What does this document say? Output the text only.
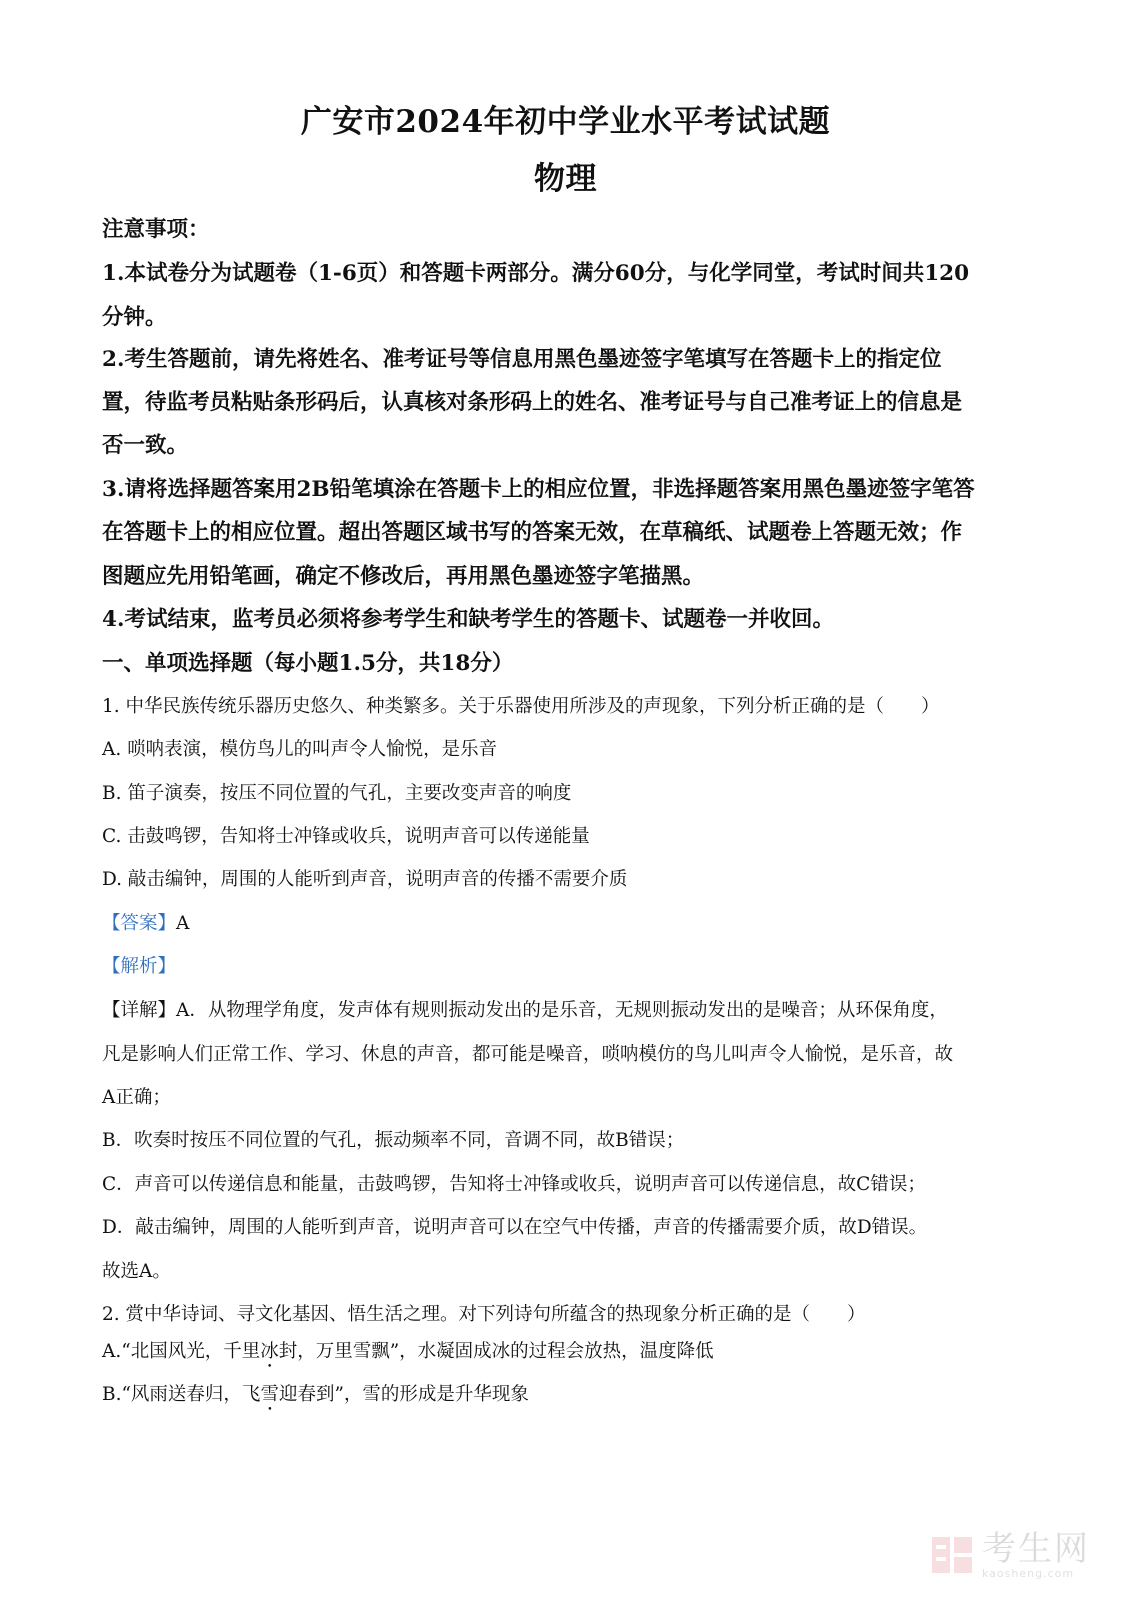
广安市2024年初中学业水平考试试题
物理
注意事项：
1.本试卷分为试题卷（1-6页）和答题卡两部分。满分60分，与化学同堂，考试时间共120
分钟。
2.考生答题前，请先将姓名、准考证号等信息用黑色墨迹签字笔填写在答题卡上的指定位
置，待监考员粘贴条形码后，认真核对条形码上的姓名、准考证号与自己准考证上的信息是
否一致。
3.请将选择题答案用2B铅笔填涂在答题卡上的相应位置，非选择题答案用黑色墨迹签字笔答
在答题卡上的相应位置。超出答题区域书写的答案无效，在草稿纸、试题卷上答题无效；作
图题应先用铅笔画，确定不修改后，再用黑色墨迹签字笔描黑。
4.考试结束，监考员必须将参考学生和缺考学生的答题卡、试题卷一并收回。
一、单项选择题（每小题1.5分，共18分）
1. 中华民族传统乐器历史悠久、种类繁多。关于乐器使用所涉及的声现象，下列分析正确的是（　　）
A. 唢呐表演，模仿鸟儿的叫声令人愉悦，是乐音
B. 笛子演奏，按压不同位置的气孔，主要改变声音的响度
C. 击鼓鸣锣，告知将士冲锋或收兵，说明声音可以传递能量
D. 敲击编钟，周围的人能听到声音，说明声音的传播不需要介质
【答案】A
【解析】
【详解】A．从物理学角度，发声体有规则振动发出的是乐音，无规则振动发出的是噪音；从环保角度，
凡是影响人们正常工作、学习、休息的声音，都可能是噪音，唢呐模仿的鸟儿叫声令人愉悦，是乐音，故
A正确；
B．吹奏时按压不同位置的气孔，振动频率不同，音调不同，故B错误；
C．声音可以传递信息和能量，击鼓鸣锣，告知将士冲锋或收兵，说明声音可以传递信息，故C错误；
D．敲击编钟，周围的人能听到声音，说明声音可以在空气中传播，声音的传播需要介质，故D错误。
故选A。
2. 赏中华诗词、寻文化基因、悟生活之理。对下列诗句所蕴含的热现象分析正确的是（　　）
A.“北国风光，千里冰封，万里雪飘”，水凝固成冰的过程会放热，温度降低
B.“风雨送春归，飞雪迎春到”，雪的形成是升华现象
考生网
kaosheng.com
